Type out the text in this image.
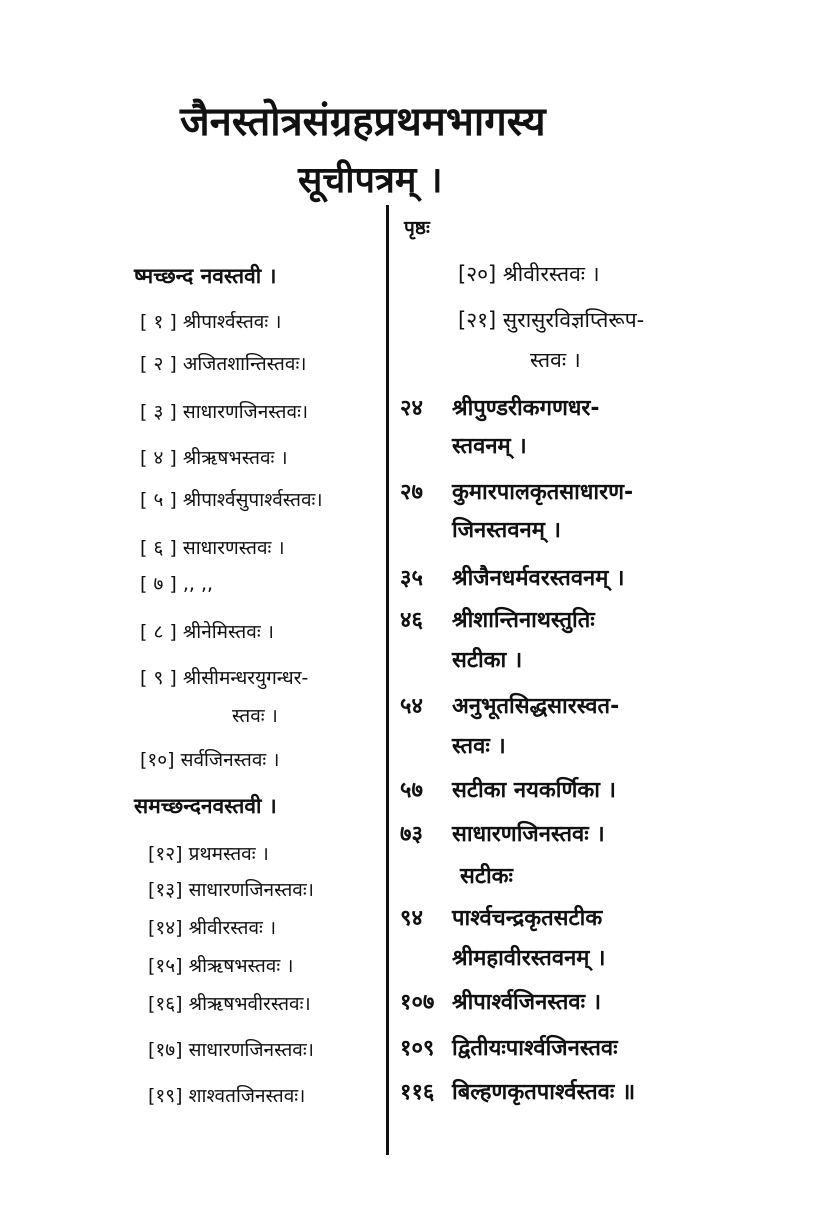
जैनस्तोत्रसंग्रहप्रथमभागस्य
सूचीपत्रम् ।
पृष्ठः
ष्मच्छन्द नवस्तवी ।
[ १ ] श्रीपार्श्वस्तवः ।
[ २ ] अजितशान्तिस्तवः।
[ ३ ] साधारणजिनस्तवः।
[ ४ ] श्रीऋषभस्तवः ।
[ ५ ] श्रीपार्श्वसुपार्श्वस्तवः।
[ ६ ] साधारणस्तवः ।
[ ७ ] ,, ,,
[ ८ ] श्रीनेमिस्तवः ।
[ ९ ] श्रीसीमन्धरयुगन्धर-
स्तवः ।
[१०] सर्वजिनस्तवः ।
समच्छन्दनवस्तवी ।
[१२] प्रथमस्तवः ।
[१३] साधारणजिनस्तवः।
[१४] श्रीवीरस्तवः ।
[१५] श्रीऋषभस्तवः ।
[१६] श्रीऋषभवीरस्तवः।
[१७] साधारणजिनस्तवः।
[१९] शाश्वतजिनस्तवः।
[२०] श्रीवीरस्तवः ।
[२१] सुरासुरविज्ञप्तिरूप-
स्तवः ।
२४ श्रीपुण्डरीकगणधर-
स्तवनम् ।
२७ कुमारपालकृतसाधारण-
जिनस्तवनम् ।
३५ श्रीजैनधर्मवरस्तवनम् ।
४६ श्रीशान्तिनाथस्तुतिः
सटीका ।
५४ अनुभूतसिद्धसारस्वत-
स्तवः ।
५७ सटीका नयकर्णिका ।
७३ साधारणजिनस्तवः ।
सटीकः
९४ पार्श्वचन्द्रकृतसटीक
श्रीमहावीरस्तवनम् ।
१०७ श्रीपार्श्वजिनस्तवः ।
१०९ द्वितीयःपार्श्वजिनस्तवः
११६ बिल्हणकृतपार्श्वस्तवः ॥
